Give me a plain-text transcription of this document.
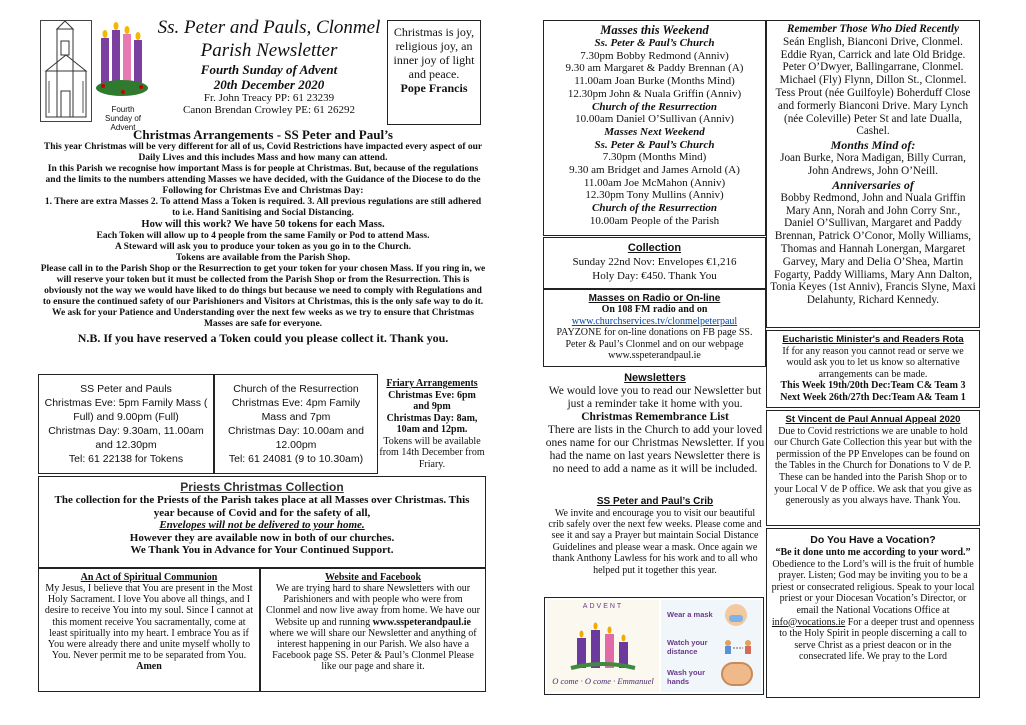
Fourth Sunday of Advent
Ss. Peter and Pauls, Clonmel
Parish Newsletter
Fourth Sunday of Advent
20th December 2020
Fr. John Treacy PP: 61 23239
Canon Brendan Crowley PE: 61 26292
Christmas is joy, religious joy, an inner joy of light and peace.
Pope Francis
Christmas Arrangements - SS Peter and Paul’s
This year Christmas will be very different for all of us, Covid Restrictions have impacted every aspect of our Daily Lives and this includes Mass and how many can attend.
In this Parish we recognise how important Mass is for people at Christmas. But, because of the regulations and the limits to the numbers attending Masses we have decided, with the Guidance of the Diocese to do the Following for Christmas Eve and Christmas Day:
1. There are extra Masses 2. To attend Mass a Token is required. 3. All previous regulations are still adhered to i.e. Hand Sanitising and Social Distancing.
How will this work? We have 50 tokens for each Mass.
Each Token will allow up to 4 people from the same Family or Pod to attend Mass.
A Steward will ask you to produce your token as you go in to the Church.
Tokens are available from the Parish Shop.
Please call in to the Parish Shop or the Resurrection to get your token for your chosen Mass. If you ring in, we will reserve your token but it must be collected from the Parish Shop or from the Resurrection. This is obviously not the way we would have liked to do things but because we need to comply with Regulations and to ensure the continued safety of our Parishioners and Visitors at Christmas, this is the only safe way to do it.
We ask for your Patience and Understanding over the next few weeks as we try to ensure that Christmas Masses are safe for everyone.
N.B. If you have reserved a Token could you please collect it. Thank you.
SS Peter and Pauls
Christmas Eve: 5pm Family Mass ( Full) and 9.00pm (Full)
Christmas Day: 9.30am, 11.00am and 12.30pm
Tel: 61 22138 for Tokens
Church of the Resurrection
Christmas Eve: 4pm Family Mass and 7pm
Christmas Day: 10.00am and 12.00pm
Tel: 61 24081 (9 to 10.30am)
Friary Arrangements
Christmas Eve: 6pm and 9pm
Christmas Day: 8am, 10am and 12pm.
Tokens will be available from 14th December from Friary.
Priests Christmas Collection
The collection for the Priests of the Parish takes place at all Masses over Christmas. This year because of Covid and for the safety of all,
Envelopes will not be delivered to your home.
However they are available now in both of our churches.
We Thank You in Advance for Your Continued Support.
An Act of Spiritual Communion
My Jesus, I believe that You are present in the Most Holy Sacrament. I love You above all things, and I desire to receive You into my soul. Since I cannot at this moment receive You sacramentally, come at least spiritually into my heart. I embrace You as if You were already there and unite myself wholly to You. Never permit me to be separated from You. Amen
Website and Facebook
We are trying hard to share Newsletters with our Parishioners and with people who were from Clonmel and now live away from home. We have our Website up and running www.sspeterandpaul.ie where we will share our Newsletter and anything of interest happening in our Parish. We also have a Facebook page SS. Peter & Paul’s Clonmel Please like our page and share it.
Masses this Weekend
Ss. Peter & Paul’s Church
7.30pm Bobby Redmond (Anniv)
9.30 am Margaret & Paddy Brennan (A)
11.00am Joan Burke (Months Mind)
12.30pm John & Nuala Griffin (Anniv)
Church of the Resurrection
10.00am Daniel O’Sullivan (Anniv)
Masses Next Weekend
Ss. Peter & Paul’s Church
7.30pm (Months Mind)
9.30 am Bridget and James Arnold (A)
11.00am Joe McMahon (Anniv)
12.30pm Tony Mullins (Anniv)
Church of the Resurrection
10.00am People of the Parish
Collection
Sunday 22nd Nov: Envelopes €1,216
Holy Day: €450. Thank You
Masses on Radio or On-line
On 108 FM radio and on
www.churchservices.tv/clonmelpeterpaul
PAYZONE for on-line donations on FB page SS. Peter & Paul’s Clonmel and on our webpage www.sspeterandpaul.ie
Newsletters
We would love you to read our Newsletter but just a reminder take it home with you.
Christmas Remembrance List
There are lists in the Church to add your loved ones name for our Christmas Newsletter. If you had the name on last years Newsletter there is no need to add a name as it will be included.
SS Peter and Paul’s Crib
We invite and encourage you to visit our beautiful crib safely over the next few weeks. Please come and see it and say a Prayer but maintain Social Distance Guidelines and please wear a mask. Once again we thank Anthony Lawless for his work and to all who helped put it together this year.
ADVENT
O come · O come · Emmanuel
Wear a mask
Watch your distance
Wash your hands
Remember Those Who Died Recently
Seán English, Bianconi Drive, Clonmel. Eddie Ryan, Carrick and late Old Bridge. Peter O’Dwyer, Ballingarrane, Clonmel. Michael (Fly) Flynn, Dillon St., Clonmel. Tess Prout (née Guilfoyle) Boherduff Close and formerly Bianconi Drive. Mary Lynch (née Coleville) Peter St and late Dualla, Cashel.
Months Mind of:
Joan Burke, Nora Madigan, Billy Curran, John Andrews, John O’Neill.
Anniversaries of
Bobby Redmond, John and Nuala Griffin Mary Ann, Norah and John Corry Snr., Daniel O’Sullivan, Margaret and Paddy Brennan, Patrick O’Conor, Molly Williams, Thomas and Hannah Lonergan, Margaret Garvey, Mary and Delia O’Shea, Martin Fogarty, Paddy Williams, Mary Ann Dalton, Tonia Keyes (1st Anniv), Francis Slyne, Maxi Delahunty, Richard Kennedy.
Eucharistic Minister's and Readers Rota
If for any reason you cannot read or serve we would ask you to let us know so alternative arrangements can be made.
This Week 19th/20th Dec:Team C& Team 3
Next Week 26th/27th Dec:Team A& Team 1
St Vincent de Paul Annual Appeal 2020
Due to Covid restrictions we are unable to hold our Church Gate Collection this year but with the permission of the PP Envelopes can be found on the Tables in the Church for Donations to V de P. These can be handed into the Parish Shop or to your Local V de P office. We ask that you give as generously as you always have. Thank You.
Do You Have a Vocation?
“Be it done unto me according to your word.” Obedience to the Lord’s will is the fruit of humble prayer. Listen; God may be inviting you to be a priest or consecrated religious. Speak to your local priest or your Diocesan Vocation’s Director, or email the National Vocations Office at info@vocations.ie For a deeper trust and openness to the Holy Spirit in people discerning a call to serve Christ as a priest deacon or in the consecrated life. We pray to the Lord
